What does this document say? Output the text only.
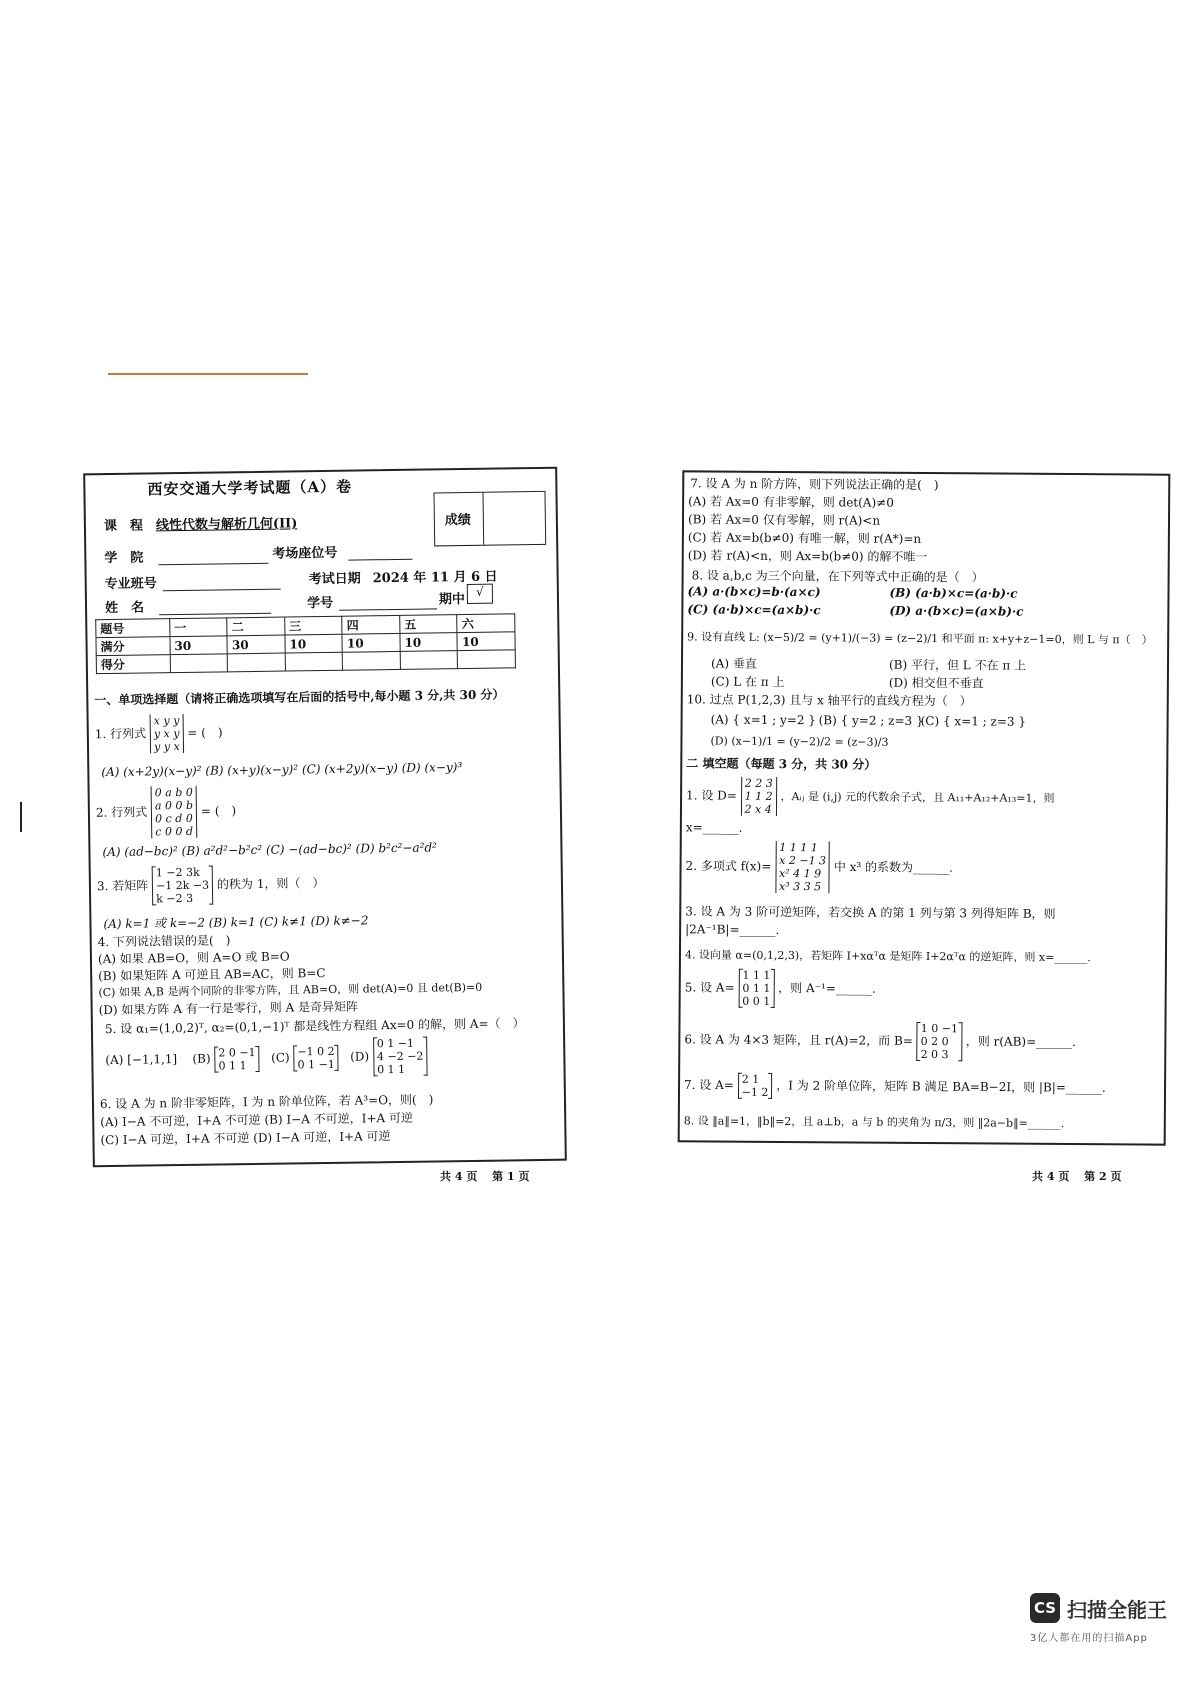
西安交通大学考试题（A）卷
课　程 线性代数与解析几何(II)	成绩
学　院	考场座位号
专业班号	考试日期 2024 年 11 月 6 日
姓　名	学号	期中
√
题号	一	二	三	四	五	六
满分	30	30	10	10	10	10
得分						
一、单项选择题（请将正确选项填写在后面的括号中,每小题 3 分,共 30 分）
1. 行列式
x y y
y x y
y y x
= (　)
(A) (x+2y)(x−y)² (B) (x+y)(x−y)² (C) (x+2y)(x−y) (D) (x−y)³
2. 行列式
0 a b 0
a 0 0 b
0 c d 0
c 0 0 d
= (　)
(A) (ad−bc)² (B) a²d²−b²c² (C) −(ad−bc)² (D) b²c²−a²d²
3. 若矩阵
1 −2 3k
−1 2k −3
k −2 3
的秩为 1，则（　）
(A) k=1 或 k=−2 (B) k=1 (C) k≠1 (D) k≠−2
4. 下列说法错误的是(　)
(A) 如果 AB=O，则 A=O 或 B=O
(B) 如果矩阵 A 可逆且 AB=AC，则 B=C
(C) 如果 A,B 是两个同阶的非零方阵，且 AB=O，则 det(A)=0 且 det(B)=0
(D) 如果方阵 A 有一行是零行，则 A 是奇异矩阵
5. 设 α₁=(1,0,2)ᵀ, α₂=(0,1,−1)ᵀ 都是线性方程组 Ax=0 的解，则 A=（　）
(A) [−1,1,1] (B) 2 0 −1
0 1 1
(C) −1 0 2
0 1 −1
(D)
0 1 −1
4 −2 −2
0 1 1
6. 设 A 为 n 阶非零矩阵，I 为 n 阶单位阵，若 A³=O，则(　)
(A) I−A 不可逆，I+A 不可逆 (B) I−A 不可逆，I+A 可逆
(C) I−A 可逆，I+A 不可逆 (D) I−A 可逆，I+A 可逆
共 4 页　 第 1 页
7. 设 A 为 n 阶方阵，则下列说法正确的是(　)
(A) 若 Ax=0 有非零解，则 det(A)≠0
(B) 若 Ax=0 仅有零解，则 r(A)<n
(C) 若 Ax=b(b≠0) 有唯一解，则 r(A*)=n
(D) 若 r(A)<n，则 Ax=b(b≠0) 的解不唯一
8. 设 a,b,c 为三个向量，在下列等式中正确的是（　）
(A) a·(b×c)=b·(a×c)	(B) (a·b)×c=(a·b)·c
(C) (a·b)×c=(a×b)·c	(D) a·(b×c)=(a×b)·c
9. 设有直线 L: (x−5)/2 = (y+1)/(−3) = (z−2)/1 和平面 π: x+y+z−1=0，则 L 与 π（　）
(A) 垂直	(B) 平行，但 L 不在 π 上
(C) L 在 π 上	(D) 相交但不垂直
10. 过点 P(1,2,3) 且与 x 轴平行的直线方程为（　）
(A) { x=1 ; y=2 } (B) { y=2 ; z=3 }
(C) { x=1 ; z=3 }
(D) (x−1)/1 = (y−2)/2 = (z−3)/3
二 填空题（每题 3 分，共 30 分）
1. 设 D=
2 2 3
1 1 2
2 x 4
，Aᵢⱼ 是 (i,j) 元的代数余子式，且 A₁₁+A₁₂+A₁₃=1，则
x=______.
2. 多项式 f(x)=
1 1 1 1
x 2 −1 3
x² 4 1 9
x³ 3 3 5
中 x³ 的系数为______.
3. 设 A 为 3 阶可逆矩阵，若交换 A 的第 1 列与第 3 列得矩阵 B，则
|2A⁻¹B|=______.
4. 设向量 α=(0,1,2,3)，若矩阵 I+xαᵀα 是矩阵 I+2αᵀα 的逆矩阵，则 x=______.
5. 设 A=
1 1 1
0 1 1
0 0 1
，则 A⁻¹=______.
6. 设 A 为 4×3 矩阵，且 r(A)=2，而 B=
1 0 −1
0 2 0
2 0 3
，则 r(AB)=______.
7. 设 A= 2 1
−1 2 ，I 为 2 阶单位阵，矩阵 B 满足 BA=B−2I，则 |B|=______.
8. 设 ‖a‖=1，‖b‖=2，且 a⊥b，a 与 b 的夹角为 π/3，则 ‖2a−b‖=______.
共 4 页　 第 2 页
CS 扫描全能王
3亿人都在用的扫描App
